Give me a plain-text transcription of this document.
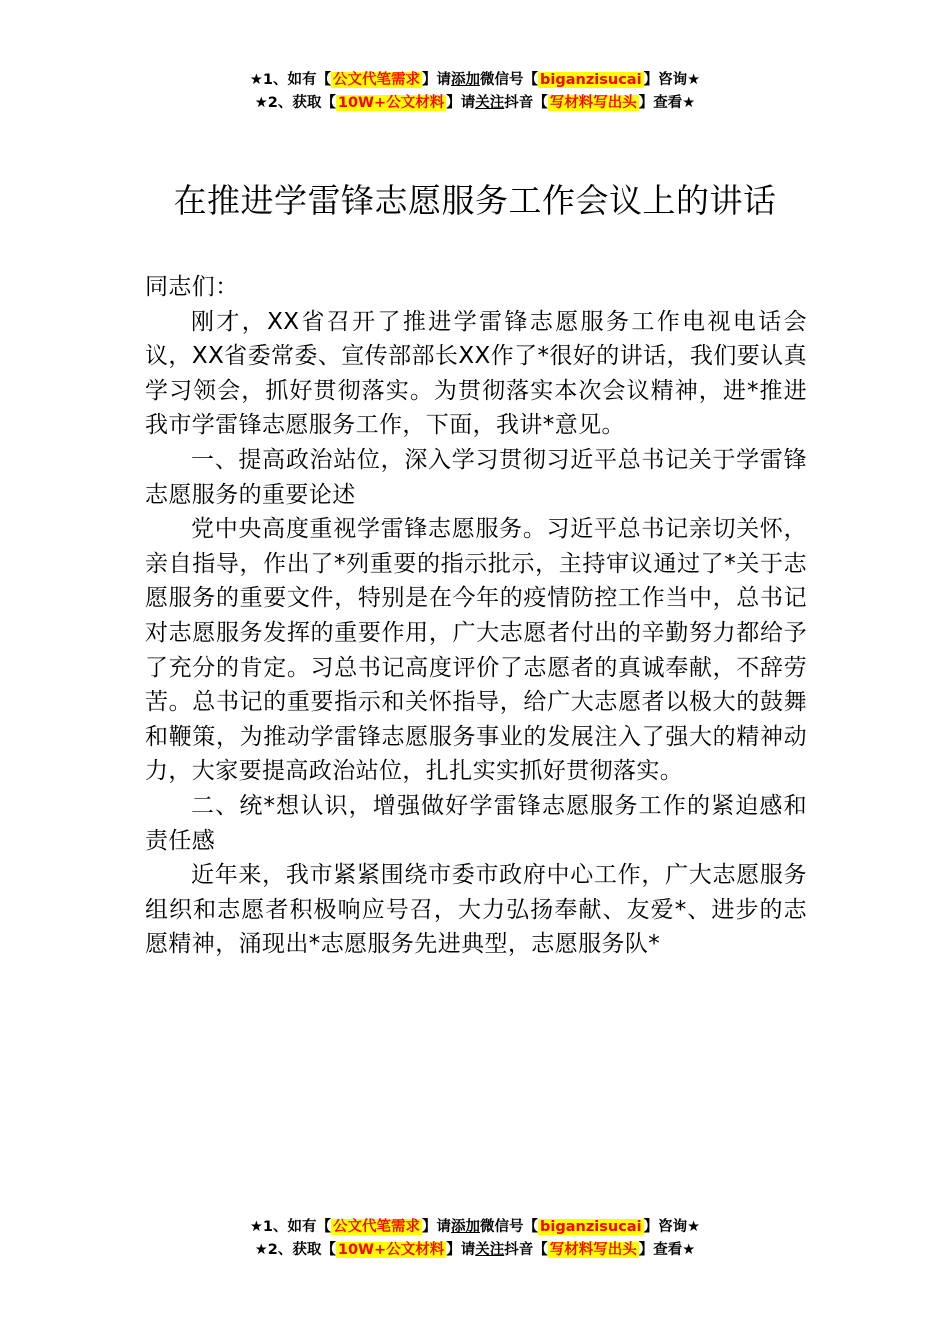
★1、如有【 公文代笔需求 】请添加微信号【 biganzisucai 】咨询★
★2、获取【 10W+公文材料 】请关注抖音【 写材料写出头 】查看★
在推进学雷锋志愿服务工作会议上的讲话

同志们：

刚才，XX省召开了推进学雷锋志愿服务工作电视电话会议，XX省委常委、宣传部部长XX作了*很好的讲话，我们要认真学习领会，抓好贯彻落实。为贯彻落实本次会议精神，进*推进我市学雷锋志愿服务工作，下面，我讲*意见。

一、提高政治站位，深入学习贯彻习近平总书记关于学雷锋志愿服务的重要论述

党中央高度重视学雷锋志愿服务。习近平总书记亲切关怀，亲自指导，作出了*列重要的指示批示，主持审议通过了*关于志愿服务的重要文件，特别是在今年的疫情防控工作当中，总书记对志愿服务发挥的重要作用，广大志愿者付出的辛勤努力都给予了充分的肯定。习总书记高度评价了志愿者的真诚奉献，不辞劳苦。总书记的重要指示和关怀指导，给广大志愿者以极大的鼓舞和鞭策，为推动学雷锋志愿服务事业的发展注入了强大的精神动力，大家要提高政治站位，扎扎实实抓好贯彻落实。

二、统*想认识，增强做好学雷锋志愿服务工作的紧迫感和责任感

近年来，我市紧紧围绕市委市政府中心工作，广大志愿服务组织和志愿者积极响应号召，大力弘扬奉献、友爱*、进步的志愿精神，涌现出*志愿服务先进典型，志愿服务队*

★1、如有【 公文代笔需求 】请添加微信号【 biganzisucai 】咨询★
★2、获取【 10W+公文材料 】请关注抖音【 写材料写出头 】查看★
